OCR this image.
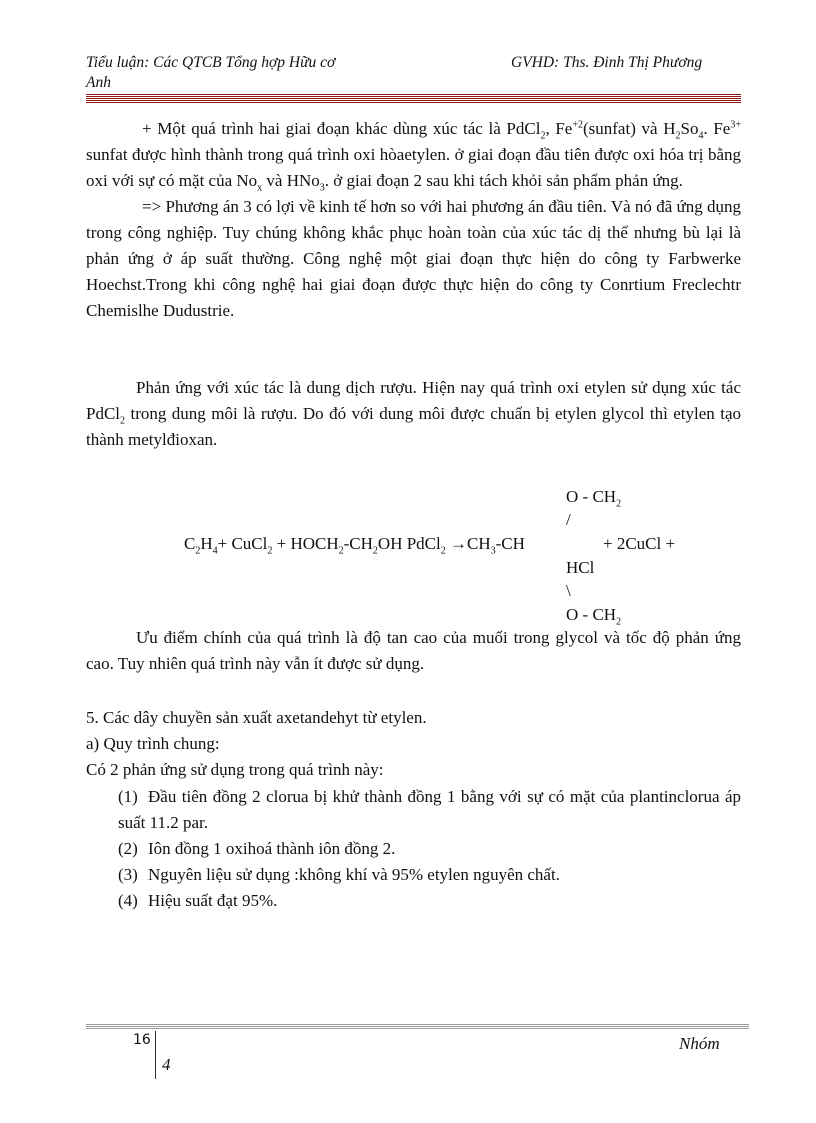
Tiểu luận: Các QTCB Tổng hợp Hữu cơ
Anh
GVHD: Ths. Đinh Thị Phương

+ Một quá trình hai giai đoạn khác dùng xúc tác là PdCl$_2$, $Fe^{+2}(sunfat)$ và $H_2So_4$. $Fe^{3+}$ sunfat được hình thành trong quá trình oxi hòaetylen. ở giai đoạn đầu tiên được oxi hóa trị bằng oxi với sự có mặt của $No_x$ và HNo$_3$. ở giai đoạn 2 sau khi tách khỏi sản phẩm phản ứng.

=> Phương án 3 có lợi về kinh tế hơn so với hai phương án đầu tiên. Và nó đã ứng dụng trong công nghiệp. Tuy chúng không khắc phục hoàn toàn của xúc tác dị thể nhưng bù lại là phản ứng ở áp suất thường. Công nghệ một giai đoạn thực hiện do công ty Farbwerke Hoechst.Trong khi công nghệ hai giai đoạn được thực hiện do công ty Conrtium Freclechtr Chemislhe Dudustrie.

Phản ứng với xúc tác là dung dịch rượu. Hiện nay quá trình oxi etylen sử dụng xúc tác PdCl$_2$ trong dung môi là rượu. Do đó với dung môi được chuẩn bị etylen glycol thì etylen tạo thành metylđioxan.

O - $CH_2$
/
$C_2H_4+$ CuCl$_2$ + $HOCH_2-CH_2OH$ PdCl$_2$ $\to CH_3-CH$	+ 2CuCl +
HCl
\
O - $CH_2$

Ưu điểm chính của quá trình là độ tan cao của muối trong glycol và tốc độ phản ứng cao. Tuy nhiên quá trình này vẫn ít được sử dụng.

5. Các dây chuyền sản xuất axetandehyt từ etylen.
a) Quy trình chung:
Có 2 phản ứng sử dụng trong quá trình này:
(1) Đầu tiên đồng 2 clorua bị khử thành đồng 1 bằng với sự có mặt của plantinclorua áp suất 11.2 par.
(2) Iôn đồng 1 oxihoá thành iôn đồng 2.
(3) Nguyên liệu sử dụng :không khí và 95% etylen nguyên chất.
(4) Hiệu suất đạt 95%.
16	Nhóm
4
